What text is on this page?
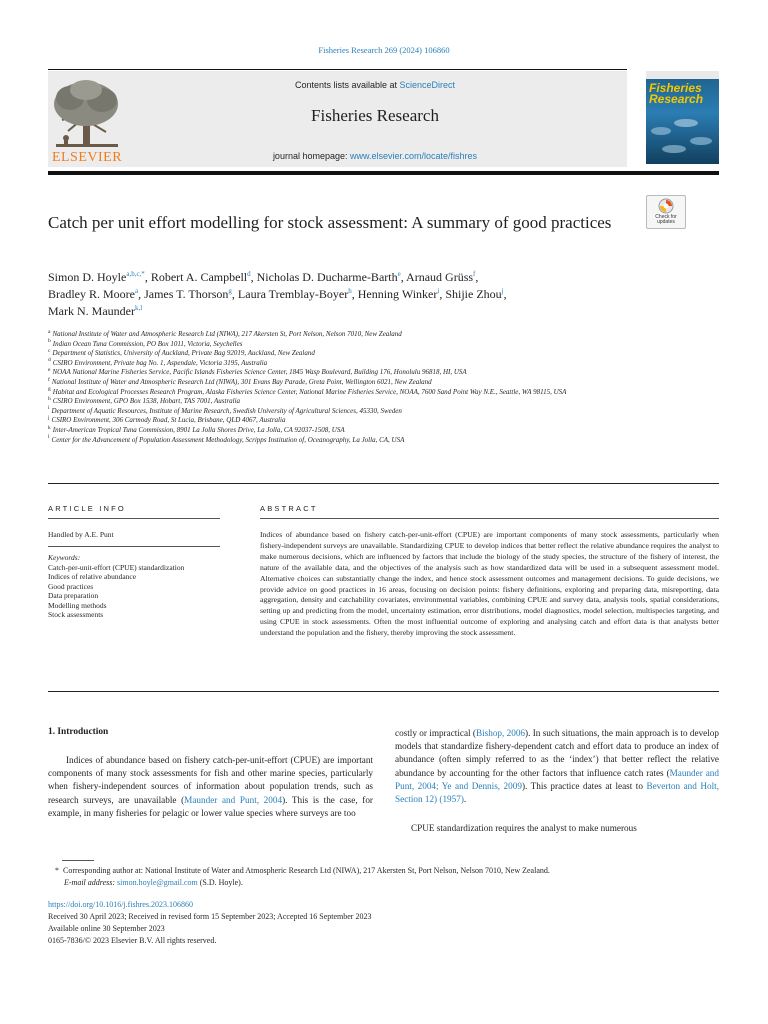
Fisheries Research 269 (2024) 106860
ELSEVIER
Contents lists available at ScienceDirect
Fisheries Research
journal homepage: www.elsevier.com/locate/fishres
Fisheries
Research
Check for updates
Catch per unit effort modelling for stock assessment: A summary of good practices
Simon D. Hoyle$^{a,b,c,*}$, Robert A. Campbell$^d$, Nicholas D. Ducharme-Barth$^e$, Arnaud Grüss$^f$,
Bradley R. Moore$^a$, James T. Thorson$^g$, Laura Tremblay-Boyer$^h$, Henning Winker$^i$, Shijie Zhou$^j$,
Mark N. Maunder$^{k,l}$
$^a$ National Institute of Water and Atmospheric Research Ltd (NIWA), 217 Akersten St, Port Nelson, Nelson 7010, New Zealand
$^b$ Indian Ocean Tuna Commission, PO Box 1011, Victoria, Seychelles
$^c$ Department of Statistics, University of Auckland, Private Bag 92019, Auckland, New Zealand
$^d$ CSIRO Environment, Private bag No. 1, Aspendale, Victoria 3195, Australia
$^e$ NOAA National Marine Fisheries Service, Pacific Islands Fisheries Science Center, 1845 Wasp Boulevard, Building 176, Honolulu 96818, HI, USA
$^f$ National Institute of Water and Atmospheric Research Ltd (NIWA), 301 Evans Bay Parade, Greta Point, Wellington 6021, New Zealand
$^g$ Habitat and Ecological Processes Research Program, Alaska Fisheries Science Center, National Marine Fisheries Service, NOAA, 7600 Sand Point Way N.E., Seattle, WA 98115, USA
$^h$ CSIRO Environment, GPO Box 1538, Hobart, TAS 7001, Australia
$^i$ Department of Aquatic Resources, Institute of Marine Research, Swedish University of Agricultural Sciences, 45330, Sweden
$^j$ CSIRO Environment, 306 Carmody Road, St Lucia, Brisbane, QLD 4067, Australia
$^k$ Inter-American Tropical Tuna Commission, 8901 La Jolla Shores Drive, La Jolla, CA 92037-1508, USA
$^l$ Center for the Advancement of Population Assessment Methodology, Scripps Institution of, Oceanography, La Jolla, CA, USA
ARTICLE INFO
Handled by A.E. Punt
Keywords:
Catch-per-unit-effort (CPUE) standardization
Indices of relative abundance
Good practices
Data preparation
Modelling methods
Stock assessments
ABSTRACT
Indices of abundance based on fishery catch-per-unit-effort (CPUE) are important components of many stock assessments, particularly when fishery-independent surveys are unavailable. Standardizing CPUE to develop indices that better reflect the relative abundance requires the analyst to make numerous decisions, which are influenced by factors that include the biology of the study species, the structure of the fishery of interest, the nature of the available data, and the objectives of the analysis such as how standardized data will be used in a subsequent assessment model. Alternative choices can substantially change the index, and hence stock assessment outcomes and management decisions. To guide decisions, we provide advice on good practices in 16 areas, focusing on decision points: fishery definitions, exploring and preparing data, misreporting, data aggregation, density and catchability covariates, environmental variables, combining CPUE and survey data, analysis tools, spatial considerations, setting up and predicting from the model, uncertainty estimation, error distributions, model diagnostics, model selection, multispecies targeting, and using CPUE in stock assessments. Often the most influential outcome of exploring and analysing catch and effort data is that analysts better understand the population and the fishery, thereby improving the stock assessment.
1. Introduction
Indices of abundance based on fishery catch-per-unit-effort (CPUE) are important components of many stock assessments for fish and other marine species, particularly when fishery-independent sources of information about population trends, such as research surveys, are unavailable (Maunder and Punt, 2004). This is the case, for example, in many fisheries for pelagic or lower value species where surveys are too
costly or impractical (Bishop, 2006). In such situations, the main approach is to develop models that standardize fishery-dependent catch and effort data to produce an index of abundance (often simply referred to as the ‘index’) that better reflect the relative abundance by accounting for the other factors that influence catch rates (Maunder and Punt, 2004; Ye and Dennis, 2009). This practice dates at least to Beverton and Holt, Section 12) (1957).
CPUE standardization requires the analyst to make numerous
*  Corresponding author at: National Institute of Water and Atmospheric Research Ltd (NIWA), 217 Akersten St, Port Nelson, Nelson 7010, New Zealand.
E-mail address: simon.hoyle@gmail.com (S.D. Hoyle).
https://doi.org/10.1016/j.fishres.2023.106860
Received 30 April 2023; Received in revised form 15 September 2023; Accepted 16 September 2023
Available online 30 September 2023
0165-7836/© 2023 Elsevier B.V. All rights reserved.
